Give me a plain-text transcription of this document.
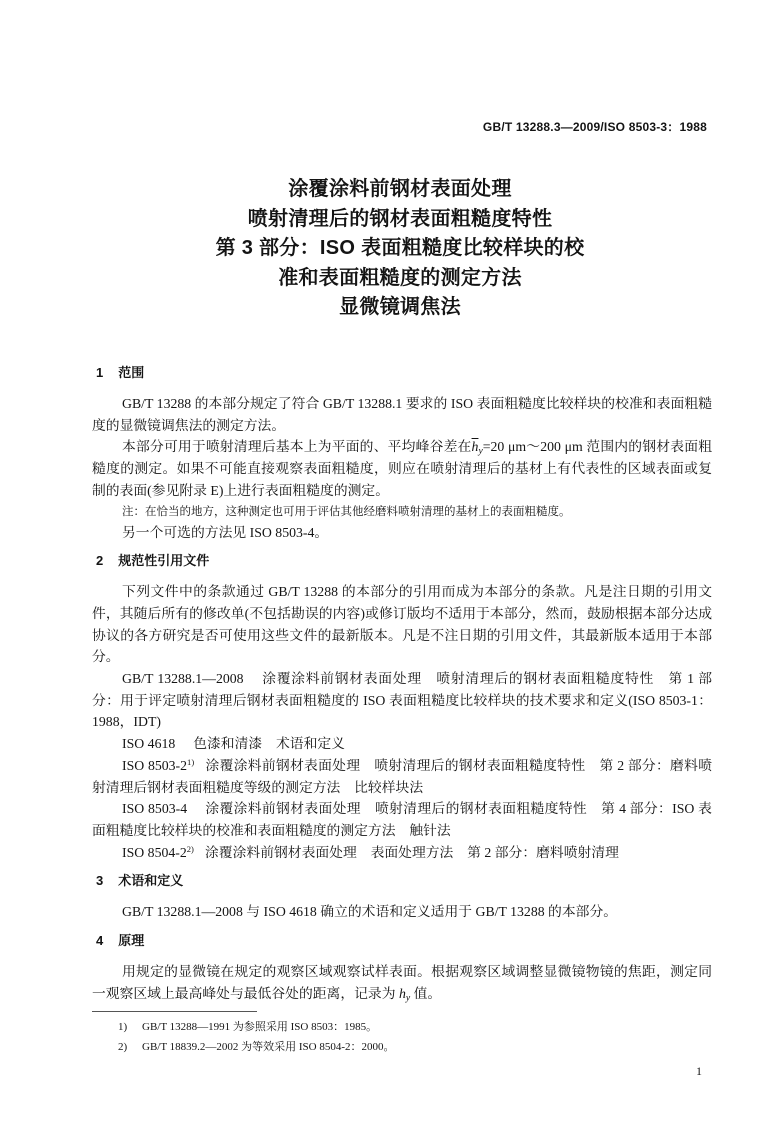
GB/T 13288.3—2009/ISO 8503-3：1988
涂覆涂料前钢材表面处理
喷射清理后的钢材表面粗糙度特性
第 3 部分：ISO 表面粗糙度比较样块的校
准和表面粗糙度的测定方法
显微镜调焦法
1 范围

GB/T 13288 的本部分规定了符合 GB/T 13288.1 要求的 ISO 表面粗糙度比较样块的校准和表面粗糙度的显微镜调焦法的测定方法。

本部分可用于喷射清理后基本上为平面的、平均峰谷差在$\overline{h}_y=20$ μm～200 μm 范围内的钢材表面粗糙度的测定。如果不可能直接观察表面粗糙度，则应在喷射清理后的基材上有代表性的区域表面或复制的表面(参见附录 E)上进行表面粗糙度的测定。

注：在恰当的地方，这种测定也可用于评估其他经磨料喷射清理的基材上的表面粗糙度。

另一个可选的方法见 ISO 8503-4。

2 规范性引用文件

下列文件中的条款通过 GB/T 13288 的本部分的引用而成为本部分的条款。凡是注日期的引用文件，其随后所有的修改单(不包括勘误的内容)或修订版均不适用于本部分，然而，鼓励根据本部分达成协议的各方研究是否可使用这些文件的最新版本。凡是不注日期的引用文件，其最新版本适用于本部分。

GB/T 13288.1—2008 涂覆涂料前钢材表面处理　喷射清理后的钢材表面粗糙度特性　第 1 部分：用于评定喷射清理后钢材表面粗糙度的 ISO 表面粗糙度比较样块的技术要求和定义(ISO 8503-1：1988，IDT)

ISO 4618 色漆和清漆　术语和定义

ISO 8503-2$^{1)}$ 涂覆涂料前钢材表面处理　喷射清理后的钢材表面粗糙度特性　第 2 部分：磨料喷射清理后钢材表面粗糙度等级的测定方法　比较样块法

ISO 8503-4 涂覆涂料前钢材表面处理　喷射清理后的钢材表面粗糙度特性　第 4 部分：ISO 表面粗糙度比较样块的校准和表面粗糙度的测定方法　触针法

ISO 8504-2$^{2)}$ 涂覆涂料前钢材表面处理　表面处理方法　第 2 部分：磨料喷射清理

3 术语和定义

GB/T 13288.1—2008 与 ISO 4618 确立的术语和定义适用于 GB/T 13288 的本部分。

4 原理

用规定的显微镜在规定的观察区域观察试样表面。根据观察区域调整显微镜物镜的焦距，测定同一观察区域上最高峰处与最低谷处的距离，记录为 $h_y$ 值。

1) GB/T 13288—1991 为参照采用 ISO 8503：1985。
2) GB/T 18839.2—2002 为等效采用 ISO 8504-2：2000。
1
